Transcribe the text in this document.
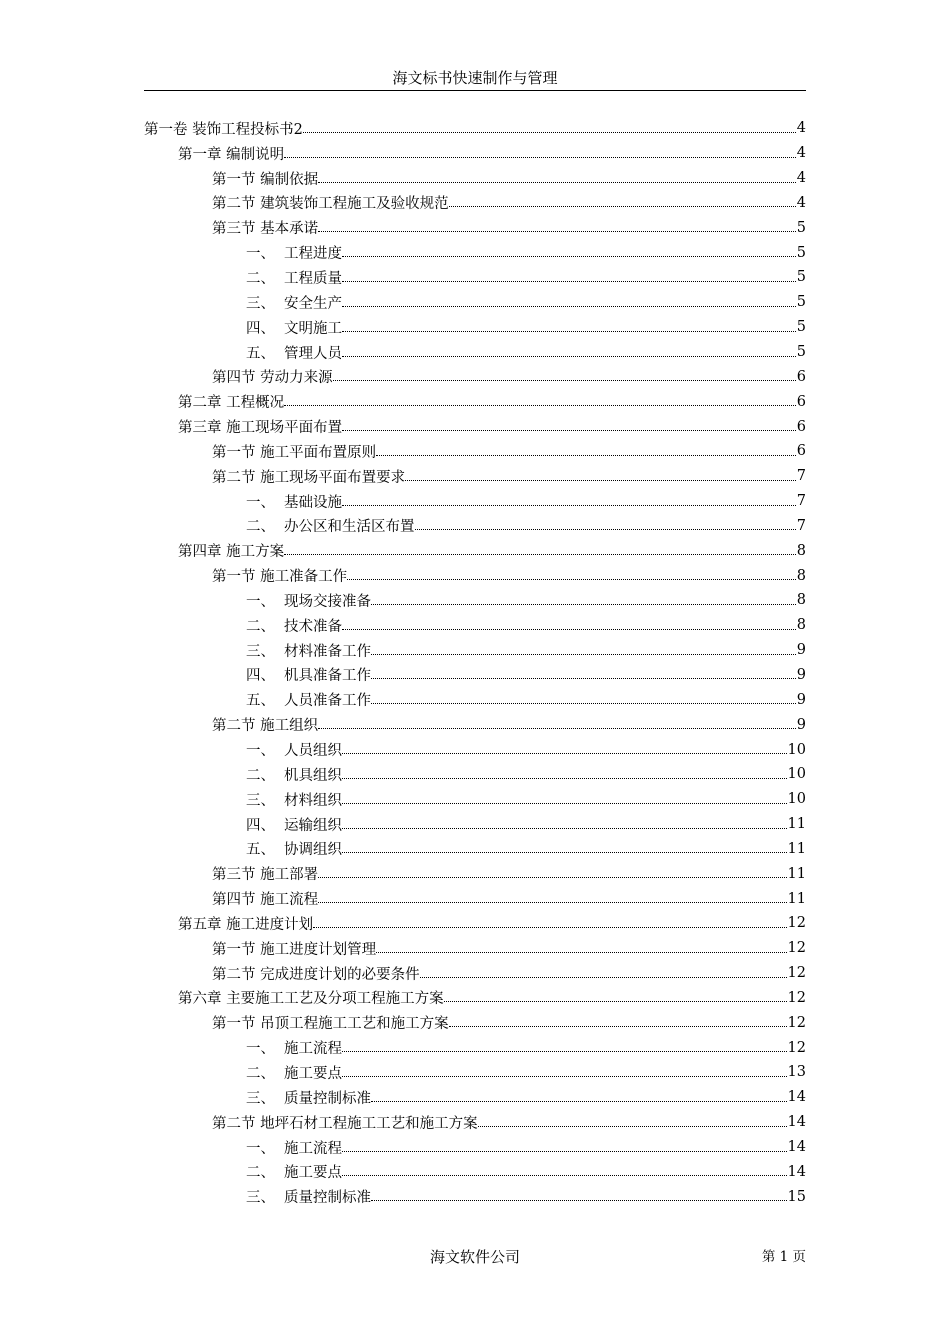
海文标书快速制作与管理
第一卷 装饰工程投标书2	4
第一章 编制说明	4
第一节 编制依据	4
第二节 建筑装饰工程施工及验收规范	4
第三节 基本承诺	5
一、 工程进度	5
二、 工程质量	5
三、 安全生产	5
四、 文明施工	5
五、 管理人员	5
第四节 劳动力来源	6
第二章 工程概况	6
第三章 施工现场平面布置	6
第一节 施工平面布置原则	6
第二节 施工现场平面布置要求	7
一、 基础设施	7
二、 办公区和生活区布置	7
第四章 施工方案	8
第一节 施工准备工作	8
一、 现场交接准备	8
二、 技术准备	8
三、 材料准备工作	9
四、 机具准备工作	9
五、 人员准备工作	9
第二节 施工组织	9
一、 人员组织	10
二、 机具组织	10
三、 材料组织	10
四、 运输组织	11
五、 协调组织	11
第三节 施工部署	11
第四节 施工流程	11
第五章 施工进度计划	12
第一节 施工进度计划管理	12
第二节 完成进度计划的必要条件	12
第六章 主要施工工艺及分项工程施工方案	12
第一节 吊顶工程施工工艺和施工方案	12
一、 施工流程	12
二、 施工要点	13
三、 质量控制标准	14
第二节 地坪石材工程施工工艺和施工方案	14
一、 施工流程	14
二、 施工要点	14
三、 质量控制标准	15
海文软件公司	第 1 页
